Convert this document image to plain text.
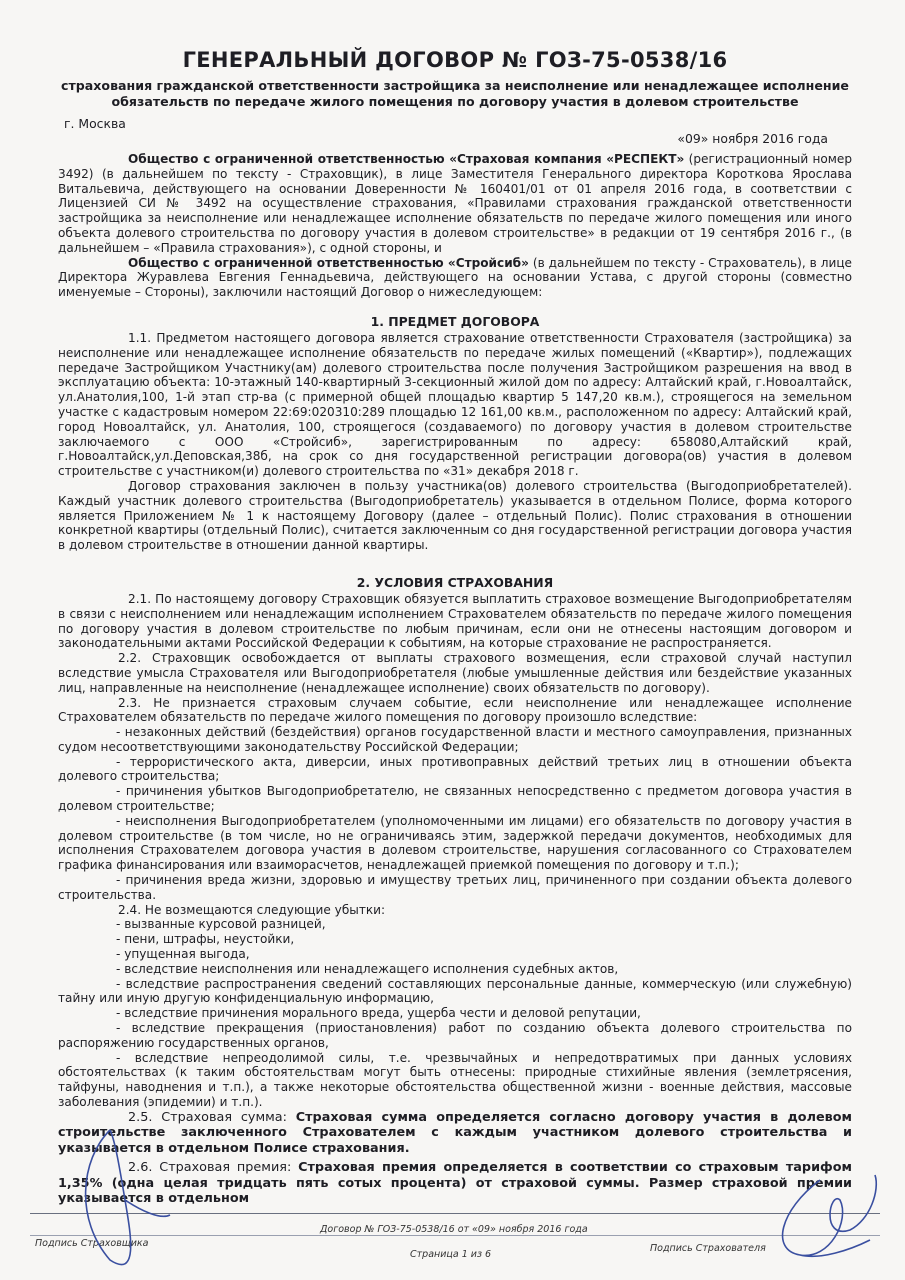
ГЕНЕРАЛЬНЫЙ ДОГОВОР № ГОЗ-75-0538/16
страхования гражданской ответственности застройщика за неисполнение или ненадлежащее исполнение
обязательств по передаче жилого помещения по договору участия в долевом строительстве
г. Москва
«09» ноября 2016 года

Общество с ограниченной ответственностью «Страховая компания «РЕСПЕКТ» (регистрационный номер 3492) (в дальнейшем по тексту - Страховщик), в лице Заместителя Генерального директора Короткова Ярослава Витальевича, действующего на основании Доверенности № 160401/01 от 01 апреля 2016 года, в соответствии с Лицензией СИ № 3492 на осуществление страхования, «Правилами страхования гражданской ответственности застройщика за неисполнение или ненадлежащее исполнение обязательств по передаче жилого помещения или иного объекта долевого строительства по договору участия в долевом строительстве» в редакции от 19 сентября 2016 г., (в дальнейшем – «Правила страхования»), с одной стороны, и

Общество с ограниченной ответственностью «Стройсиб» (в дальнейшем по тексту - Страхователь), в лице Директора Журавлева Евгения Геннадьевича, действующего на основании Устава, с другой стороны (совместно именуемые – Стороны), заключили настоящий Договор о нижеследующем:

1. ПРЕДМЕТ ДОГОВОРА

1.1. Предметом настоящего договора является страхование ответственности Страхователя (застройщика) за неисполнение или ненадлежащее исполнение обязательств по передаче жилых помещений («Квартир»), подлежащих передаче Застройщиком Участнику(ам) долевого строительства после получения Застройщиком разрешения на ввод в эксплуатацию объекта: 10-этажный 140-квартирный 3-секционный жилой дом по адресу: Алтайский край, г.Новоалтайск, ул.Анатолия,100, 1-й этап стр-ва (с примерной общей площадью квартир 5 147,20 кв.м.), строящегося на земельном участке с кадастровым номером 22:69:020310:289 площадью 12 161,00 кв.м., расположенном по адресу: Алтайский край, город Новоалтайск, ул. Анатолия, 100, строящегося (создаваемого) по договору участия в долевом строительстве заключаемого с ООО «Стройсиб», зарегистрированным по адресу: 658080,Алтайский край, г.Новоалтайск,ул.Деповская,38б, на срок со дня государственной регистрации договора(ов) участия в долевом строительстве с участником(и) долевого строительства по «31» декабря 2018 г.

Договор страхования заключен в пользу участника(ов) долевого строительства (Выгодоприобретателей). Каждый участник долевого строительства (Выгодоприобретатель) указывается в отдельном Полисе, форма которого является Приложением № 1 к настоящему Договору (далее – отдельный Полис). Полис страхования в отношении конкретной квартиры (отдельный Полис), считается заключенным со дня государственной регистрации договора участия в долевом строительстве в отношении данной квартиры.

2. УСЛОВИЯ СТРАХОВАНИЯ

2.1. По настоящему договору Страховщик обязуется выплатить страховое возмещение Выгодоприобретателям в связи с неисполнением или ненадлежащим исполнением Страхователем обязательств по передаче жилого помещения по договору участия в долевом строительстве по любым причинам, если они не отнесены настоящим договором и законодательными актами Российской Федерации к событиям, на которые страхование не распространяется.

2.2. Страховщик освобождается от выплаты страхового возмещения, если страховой случай наступил вследствие умысла Страхователя или Выгодоприобретателя (любые умышленные действия или бездействие указанных лиц, направленные на неисполнение (ненадлежащее исполнение) своих обязательств по договору).

2.3. Не признается страховым случаем событие, если неисполнение или ненадлежащее исполнение Страхователем обязательств по передаче жилого помещения по договору произошло вследствие:

- незаконных действий (бездействия) органов государственной власти и местного самоуправления, признанных судом несоответствующими законодательству Российской Федерации;

- террористического акта, диверсии, иных противоправных действий третьих лиц в отношении объекта долевого строительства;

- причинения убытков Выгодоприобретателю, не связанных непосредственно с предметом договора участия в долевом строительстве;

- неисполнения Выгодоприобретателем (уполномоченными им лицами) его обязательств по договору участия в долевом строительстве (в том числе, но не ограничиваясь этим, задержкой передачи документов, необходимых для исполнения Страхователем договора участия в долевом строительстве, нарушения согласованного со Страхователем графика финансирования или взаиморасчетов, ненадлежащей приемкой помещения по договору и т.п.);

- причинения вреда жизни, здоровью и имуществу третьих лиц, причиненного при создании объекта долевого строительства.

2.4. Не возмещаются следующие убытки:

- вызванные курсовой разницей,

- пени, штрафы, неустойки,

- упущенная выгода,

- вследствие неисполнения или ненадлежащего исполнения судебных актов,

- вследствие распространения сведений составляющих персональные данные, коммерческую (или служебную) тайну или иную другую конфиденциальную информацию,

- вследствие причинения морального вреда, ущерба чести и деловой репутации,

- вследствие прекращения (приостановления) работ по созданию объекта долевого строительства по распоряжению государственных органов,

- вследствие непреодолимой силы, т.е. чрезвычайных и непредотвратимых при данных условиях обстоятельствах (к таким обстоятельствам могут быть отнесены: природные стихийные явления (землетрясения, тайфуны, наводнения и т.п.), а также некоторые обстоятельства общественной жизни - военные действия, массовые заболевания (эпидемии) и т.п.).

2.5. Страховая сумма: Страховая сумма определяется согласно договору участия в долевом строительстве заключенного Страхователем с каждым участником долевого строительства и указывается в отдельном Полисе страхования.

2.6. Страховая премия: Страховая премия определяется в соответствии со страховым тарифом 1,35% (одна целая тридцать пять сотых процента) от страховой суммы. Размер страховой премии указывается в отдельном

Договор № ГОЗ-75-0538/16 от «09» ноября 2016 года
Подпись Страховщика
Страница 1 из 6
Подпись Страхователя
